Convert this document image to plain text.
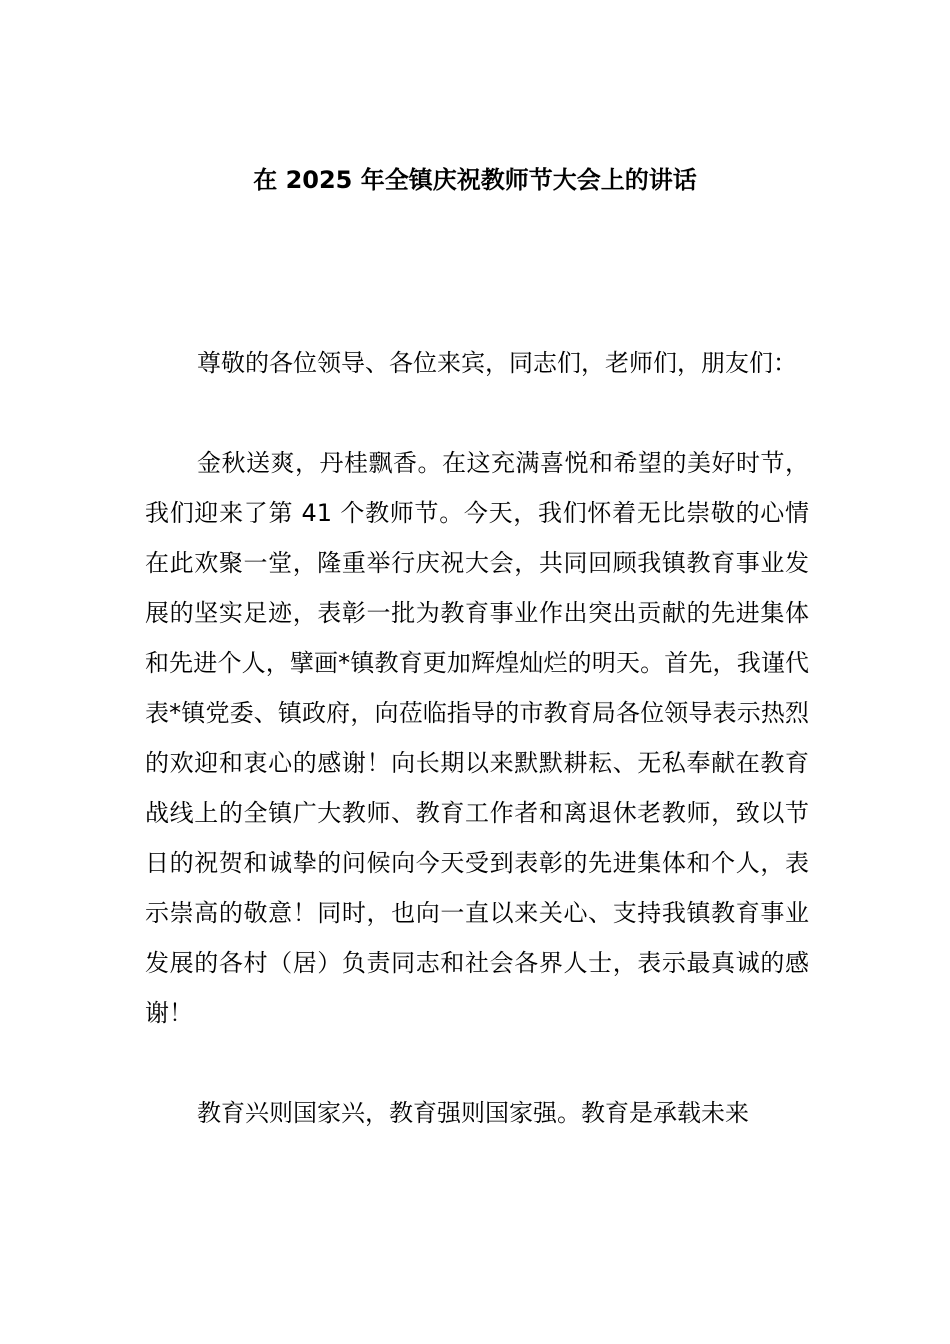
在 2025 年全镇庆祝教师节大会上的讲话

尊敬的各位领导、各位来宾，同志们，老师们，朋友们：

金秋送爽，丹桂飘香。在这充满喜悦和希望的美好时节，我们迎来了第 41 个教师节。今天，我们怀着无比崇敬的心情在此欢聚一堂，隆重举行庆祝大会，共同回顾我镇教育事业发展的坚实足迹，表彰一批为教育事业作出突出贡献的先进集体和先进个人，擘画*镇教育更加辉煌灿烂的明天。首先，我谨代表*镇党委、镇政府，向莅临指导的市教育局各位领导表示热烈的欢迎和衷心的感谢！向长期以来默默耕耘、无私奉献在教育战线上的全镇广大教师、教育工作者和离退休老教师，致以节日的祝贺和诚挚的问候向今天受到表彰的先进集体和个人，表示崇高的敬意！同时，也向一直以来关心、支持我镇教育事业发展的各村（居）负责同志和社会各界人士，表示最真诚的感谢！

教育兴则国家兴，教育强则国家强。教育是承载未来
